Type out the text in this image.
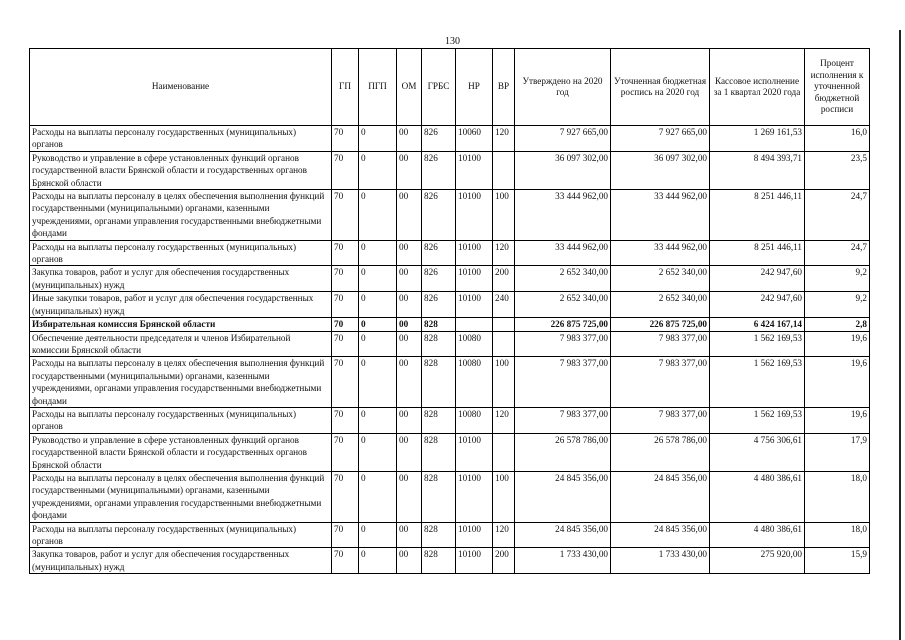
130
Наименование	ГП	ПГП	ОМ	ГРБС	НР	ВР	Утверждено на 2020 год	Уточненная бюджетная роспись на 2020 год	Кассовое исполнение за 1 квартал 2020 года	Процент исполнения к уточненной бюджетной росписи
Расходы на выплаты персоналу государственных (муниципальных) органов	70	0	00	826	10060	120	7 927 665,00	7 927 665,00	1 269 161,53	16,0
Руководство и управление в сфере установленных функций органов государственной власти Брянской области и государственных органов Брянской области	70	0	00	826	10100		36 097 302,00	36 097 302,00	8 494 393,71	23,5
Расходы на выплаты персоналу в целях обеспечения выполнения функций государственными (муниципальными) органами, казенными учреждениями, органами управления государственными внебюджетными фондами	70	0	00	826	10100	100	33 444 962,00	33 444 962,00	8 251 446,11	24,7
Расходы на выплаты персоналу государственных (муниципальных) органов	70	0	00	826	10100	120	33 444 962,00	33 444 962,00	8 251 446,11	24,7
Закупка товаров, работ и услуг для обеспечения государственных (муниципальных) нужд	70	0	00	826	10100	200	2 652 340,00	2 652 340,00	242 947,60	9,2
Иные закупки товаров, работ и услуг для обеспечения государственных (муниципальных) нужд	70	0	00	826	10100	240	2 652 340,00	2 652 340,00	242 947,60	9,2
Избирательная комиссия Брянской области	70	0	00	828			226 875 725,00	226 875 725,00	6 424 167,14	2,8
Обеспечение деятельности председателя и членов Избирательной комиссии Брянской области	70	0	00	828	10080		7 983 377,00	7 983 377,00	1 562 169,53	19,6
Расходы на выплаты персоналу в целях обеспечения выполнения функций государственными (муниципальными) органами, казенными учреждениями, органами управления государственными внебюджетными фондами	70	0	00	828	10080	100	7 983 377,00	7 983 377,00	1 562 169,53	19,6
Расходы на выплаты персоналу государственных (муниципальных) органов	70	0	00	828	10080	120	7 983 377,00	7 983 377,00	1 562 169,53	19,6
Руководство и управление в сфере установленных функций органов государственной власти Брянской области и государственных органов Брянской области	70	0	00	828	10100		26 578 786,00	26 578 786,00	4 756 306,61	17,9
Расходы на выплаты персоналу в целях обеспечения выполнения функций государственными (муниципальными) органами, казенными учреждениями, органами управления государственными внебюджетными фондами	70	0	00	828	10100	100	24 845 356,00	24 845 356,00	4 480 386,61	18,0
Расходы на выплаты персоналу государственных (муниципальных) органов	70	0	00	828	10100	120	24 845 356,00	24 845 356,00	4 480 386,61	18,0
Закупка товаров, работ и услуг для обеспечения государственных (муниципальных) нужд	70	0	00	828	10100	200	1 733 430,00	1 733 430,00	275 920,00	15,9
